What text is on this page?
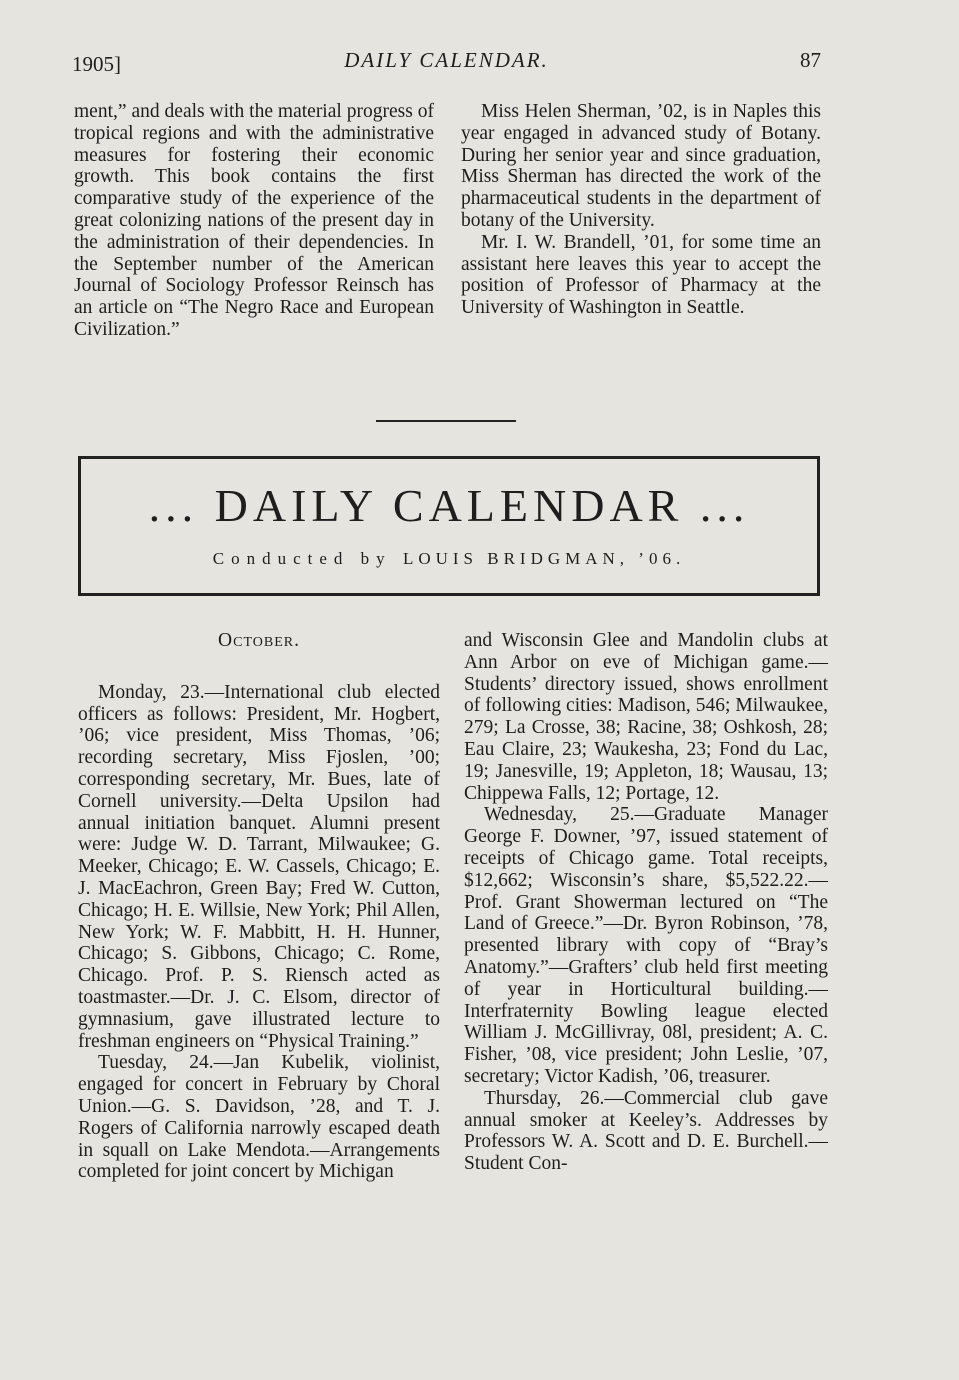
1905]	DAILY CALENDAR.	87

ment,” and deals with the material progress of tropical regions and with the administrative measures for fostering their economic growth. This book contains the first comparative study of the experience of the great colonizing nations of the present day in the administration of their dependencies. In the September number of the American Journal of Sociology Professor Reinsch has an article on “The Negro Race and European Civilization.”

Miss Helen Sherman, ’02, is in Naples this year engaged in advanced study of Botany. During her senior year and since graduation, Miss Sherman has directed the work of the pharmaceutical students in the department of botany of the University.

Mr. I. W. Brandell, ’01, for some time an assistant here leaves this year to accept the position of Professor of Pharmacy at the University of Washington in Seattle.

... DAILY CALENDAR ...
Conducted by LOUIS BRIDGMAN, ’06.

October.

Monday, 23.—International club elected officers as follows: President, Mr. Hogbert, ’06; vice president, Miss Thomas, ’06; recording secretary, Miss Fjoslen, ’00; corresponding secretary, Mr. Bues, late of Cornell university.—Delta Upsilon had annual initiation banquet. Alumni present were: Judge W. D. Tarrant, Milwaukee; G. Meeker, Chicago; E. W. Cassels, Chicago; E. J. MacEachron, Green Bay; Fred W. Cutton, Chicago; H. E. Willsie, New York; Phil Allen, New York; W. F. Mabbitt, H. H. Hunner, Chicago; S. Gibbons, Chicago; C. Rome, Chicago. Prof. P. S. Riensch acted as toastmaster.—Dr. J. C. Elsom, director of gymnasium, gave illustrated lecture to freshman engineers on “Physical Training.”

Tuesday, 24.—Jan Kubelik, violinist, engaged for concert in February by Choral Union.—G. S. Davidson, ’28, and T. J. Rogers of California narrowly escaped death in squall on Lake Mendota.—Arrangements completed for joint concert by Michigan

and Wisconsin Glee and Mandolin clubs at Ann Arbor on eve of Michigan game.—Students’ directory issued, shows enrollment of following cities: Madison, 546; Milwaukee, 279; La Crosse, 38; Racine, 38; Oshkosh, 28; Eau Claire, 23; Waukesha, 23; Fond du Lac, 19; Janesville, 19; Appleton, 18; Wausau, 13; Chippewa Falls, 12; Portage, 12.

Wednesday, 25.—Graduate Manager George F. Downer, ’97, issued statement of receipts of Chicago game. Total receipts, $12,662; Wisconsin’s share, $5,522.22.—Prof. Grant Showerman lectured on “The Land of Greece.”—Dr. Byron Robinson, ’78, presented library with copy of “Bray’s Anatomy.”—Grafters’ club held first meeting of year in Horticultural building.—Interfraternity Bowling league elected William J. McGillivray, 08l, president; A. C. Fisher, ’08, vice president; John Leslie, ’07, secretary; Victor Kadish, ’06, treasurer.

Thursday, 26.—Commercial club gave annual smoker at Keeley’s. Addresses by Professors W. A. Scott and D. E. Burchell.—Student Con-
